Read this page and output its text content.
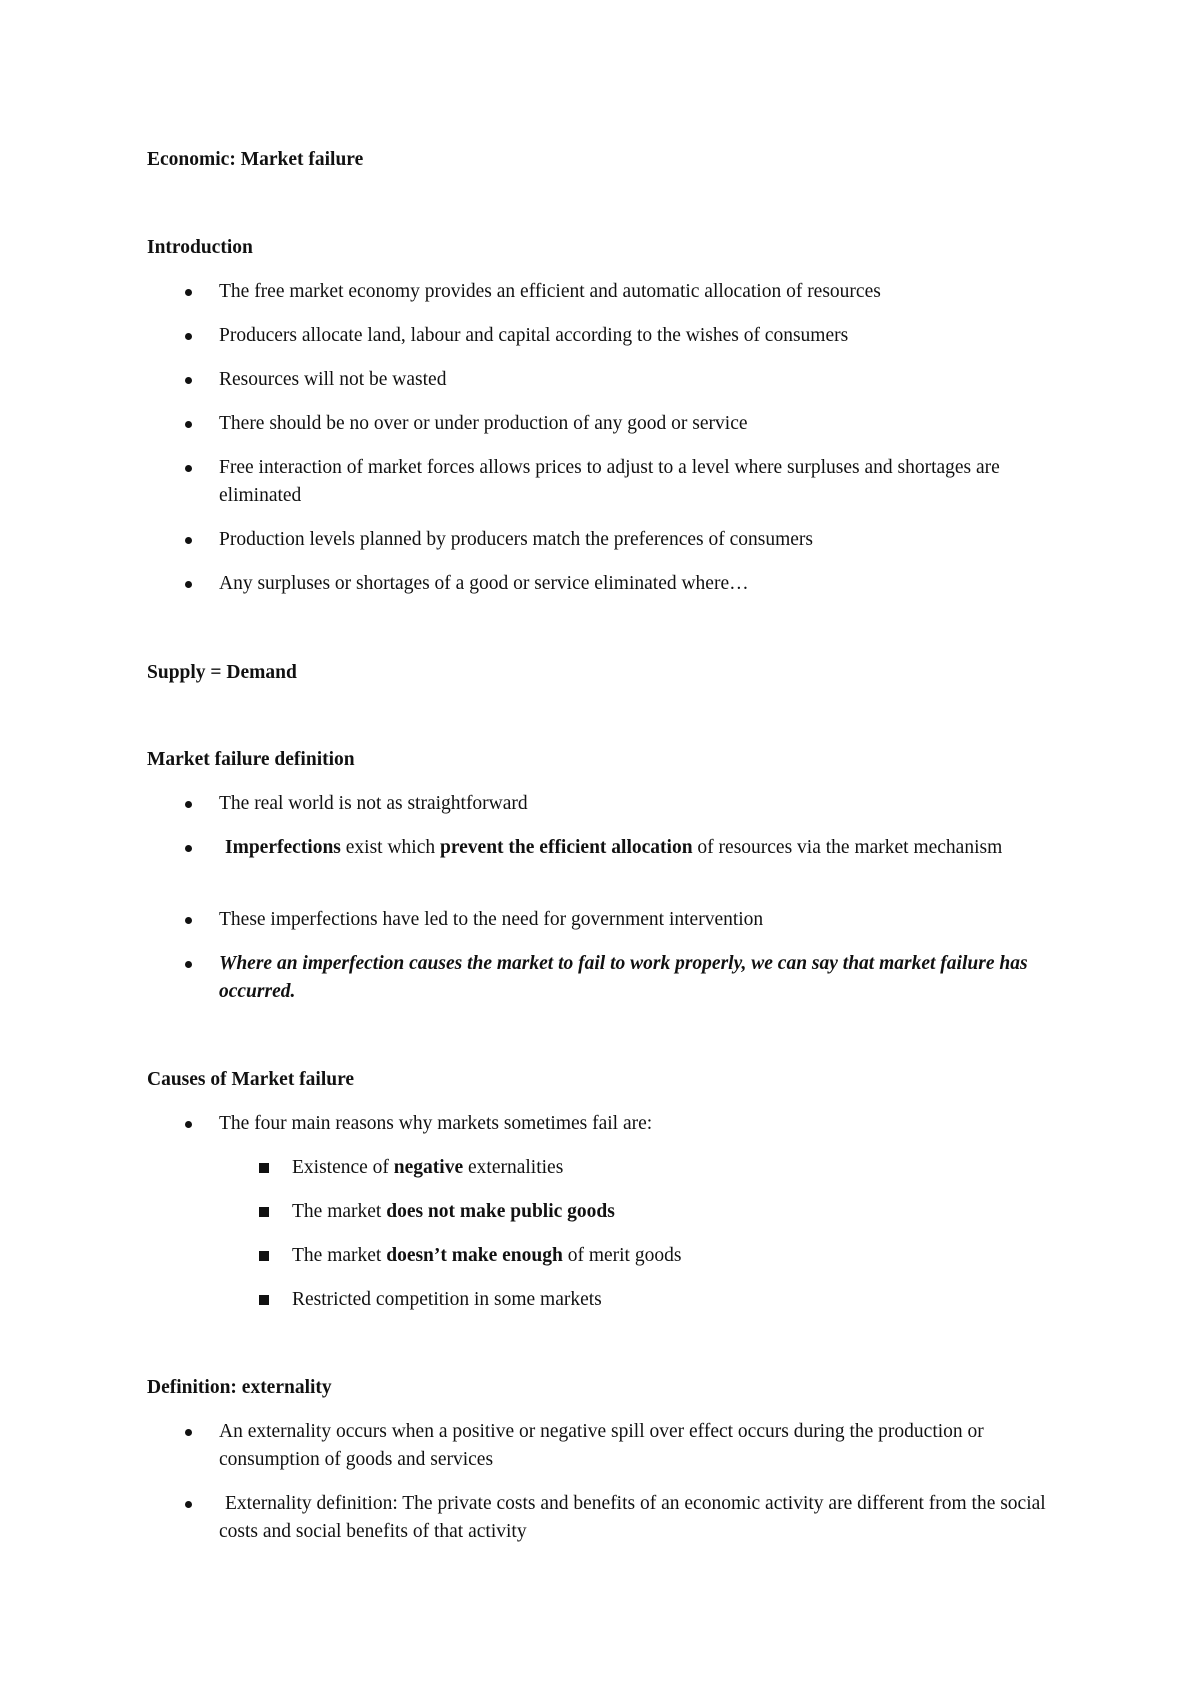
Economic: Market failure
Introduction
The free market economy provides an efficient and automatic allocation of resources
Producers allocate land, labour and capital according to the wishes of consumers
Resources will not be wasted
There should be no over or under production of any good or service
Free interaction of market forces allows prices to adjust to a level where surpluses and shortages are eliminated
Production levels planned by producers match the preferences of consumers
Any surpluses or shortages of a good or service eliminated where…
Supply = Demand
Market failure definition
The real world is not as straightforward
Imperfections exist which prevent the efficient allocation of resources via the market mechanism
These imperfections have led to the need for government intervention
Where an imperfection causes the market to fail to work properly, we can say that market failure has occurred.
Causes of Market failure
The four main reasons why markets sometimes fail are:
Existence of negative externalities
The market does not make public goods
The market doesn’t make enough of merit goods
Restricted competition in some markets
Definition: externality
An externality occurs when a positive or negative spill over effect occurs during the production or consumption of goods and services
Externality definition: The private costs and benefits of an economic activity are different from the social costs and social benefits of that activity
